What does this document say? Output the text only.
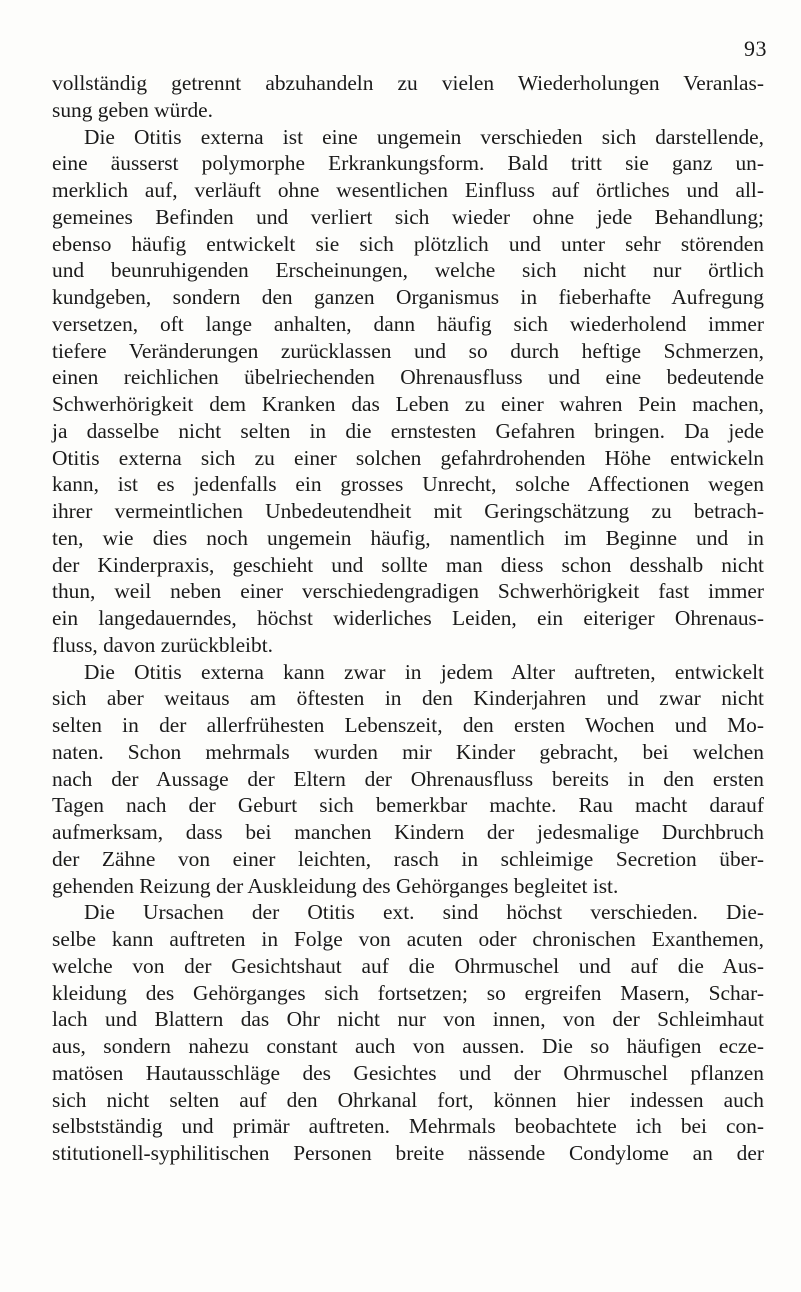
93
vollständig getrennt abzuhandeln zu vielen Wiederholungen Veranlas-
sung geben würde.
Die Otitis externa ist eine ungemein verschieden sich darstellende,
eine äusserst polymorphe Erkrankungsform. Bald tritt sie ganz un-
merklich auf, verläuft ohne wesentlichen Einfluss auf örtliches und all-
gemeines Befinden und verliert sich wieder ohne jede Behandlung;
ebenso häufig entwickelt sie sich plötzlich und unter sehr störenden
und beunruhigenden Erscheinungen, welche sich nicht nur örtlich
kundgeben, sondern den ganzen Organismus in fieberhafte Aufregung
versetzen, oft lange anhalten, dann häufig sich wiederholend immer
tiefere Veränderungen zurücklassen und so durch heftige Schmerzen,
einen reichlichen übelriechenden Ohrenausfluss und eine bedeutende
Schwerhörigkeit dem Kranken das Leben zu einer wahren Pein machen,
ja dasselbe nicht selten in die ernstesten Gefahren bringen. Da jede
Otitis externa sich zu einer solchen gefahrdrohenden Höhe entwickeln
kann, ist es jedenfalls ein grosses Unrecht, solche Affectionen wegen
ihrer vermeintlichen Unbedeutendheit mit Geringschätzung zu betrach-
ten, wie dies noch ungemein häufig, namentlich im Beginne und in
der Kinderpraxis, geschieht und sollte man diess schon desshalb nicht
thun, weil neben einer verschiedengradigen Schwerhörigkeit fast immer
ein langedauerndes, höchst widerliches Leiden, ein eiteriger Ohrenaus-
fluss, davon zurückbleibt.
Die Otitis externa kann zwar in jedem Alter auftreten, entwickelt
sich aber weitaus am öftesten in den Kinderjahren und zwar nicht
selten in der allerfrühesten Lebenszeit, den ersten Wochen und Mo-
naten. Schon mehrmals wurden mir Kinder gebracht, bei welchen
nach der Aussage der Eltern der Ohrenausfluss bereits in den ersten
Tagen nach der Geburt sich bemerkbar machte. Rau macht darauf
aufmerksam, dass bei manchen Kindern der jedesmalige Durchbruch
der Zähne von einer leichten, rasch in schleimige Secretion über-
gehenden Reizung der Auskleidung des Gehörganges begleitet ist.
Die Ursachen der Otitis ext. sind höchst verschieden. Die-
selbe kann auftreten in Folge von acuten oder chronischen Exanthemen,
welche von der Gesichtshaut auf die Ohrmuschel und auf die Aus-
kleidung des Gehörganges sich fortsetzen; so ergreifen Masern, Schar-
lach und Blattern das Ohr nicht nur von innen, von der Schleimhaut
aus, sondern nahezu constant auch von aussen. Die so häufigen ecze-
matösen Hautausschläge des Gesichtes und der Ohrmuschel pflanzen
sich nicht selten auf den Ohrkanal fort, können hier indessen auch
selbstständig und primär auftreten. Mehrmals beobachtete ich bei con-
stitutionell-syphilitischen Personen breite nässende Condylome an der
